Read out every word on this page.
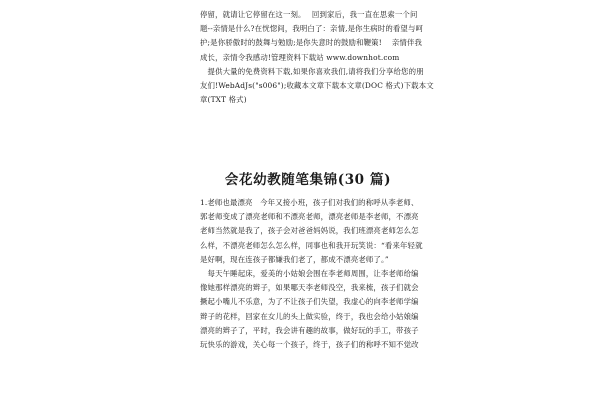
停留，就请让它停留在这一刻。　 回到家后，我一直在思索一个问
题--亲情是什么?在恍惚间，我明白了：亲情,是你生病时的看望与呵
护;是你骄傲时的鼓舞与勉励;是你失意时的鼓励和鞭策!　 亲情伴我
成长，亲情令我感动!管理资料下载站 www.downhot.com
　提供大量的免费资料下载,如果你喜欢我们,请将我们分享给您的朋
友们!WebAdJs("s006");收藏本文章下载本文章(DOC 格式)下载本文
章(TXT 格式)
会花幼教随笔集锦(30 篇)
1.老师也最漂亮　今年又接小班，孩子们对我们的称呼从李老师、
郭老师变成了漂亮老师和不漂亮老师，漂亮老师是李老师，不漂亮
老师当然就是我了，孩子会对爸爸妈妈说，我们班漂亮老师怎么怎
么样，不漂亮老师怎么怎么样，同事也和我开玩笑说：“看来年轻就
是好啊，现在连孩子都嫌我们老了，都成不漂亮老师了。”
　每天午睡起床，爱美的小姑娘会围在李老师周围，让李老师给编
像她那样漂亮的辫子，如果哪天李老师没空，我来梳，孩子们就会
撅起小嘴儿不乐意，为了不让孩子们失望，我虚心的向李老师学编
辫子的花样，回家在女儿的头上做实验，终于，我也会给小姑娘编
漂亮的辫子了，平时，我会讲有趣的故事，做好玩的手工，带孩子
玩快乐的游戏，关心每一个孩子，终于，孩子们的称呼不知不觉改
